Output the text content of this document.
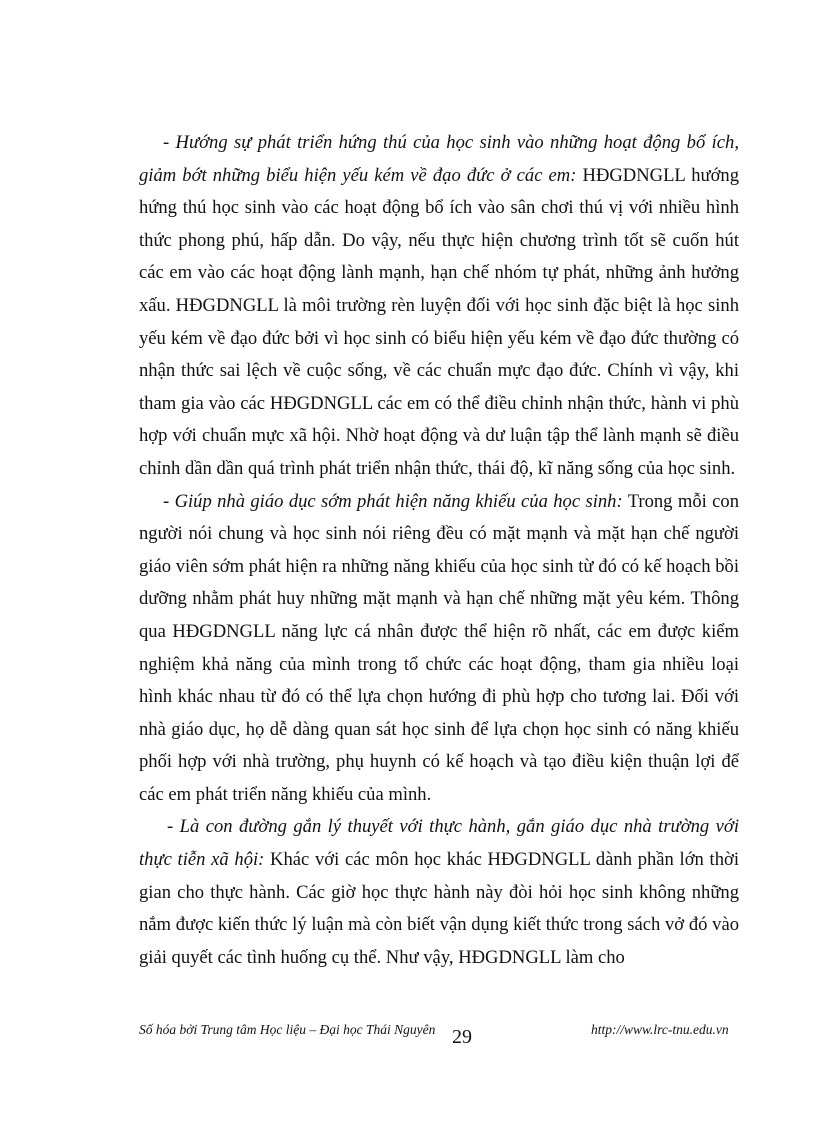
- Hướng sự phát triển hứng thú của học sinh vào những hoạt động bổ ích, giảm bớt những biểu hiện yếu kém về đạo đức ở các em: HĐGDNGLL hướng hứng thú học sinh vào các hoạt động bổ ích vào sân chơi thú vị với nhiều hình thức phong phú, hấp dẫn. Do vậy, nếu thực hiện chương trình tốt sẽ cuốn hút các em vào các hoạt động lành mạnh, hạn chế nhóm tự phát, những ảnh hưởng xấu. HĐGDNGLL là môi trường rèn luyện đối với học sinh đặc biệt là học sinh yếu kém về đạo đức bởi vì học sinh có biểu hiện yếu kém về đạo đức thường có nhận thức sai lệch về cuộc sống, về các chuẩn mực đạo đức. Chính vì vậy, khi tham gia vào các HĐGDNGLL các em có thể điều chỉnh nhận thức, hành vi phù hợp với chuẩn mực xã hội. Nhờ hoạt động và dư luận tập thể lành mạnh sẽ điều chỉnh dần dần quá trình phát triển nhận thức, thái độ, kĩ năng sống của học sinh.

- Giúp nhà giáo dục sớm phát hiện năng khiếu của học sinh: Trong mỗi con người nói chung và học sinh nói riêng đều có mặt mạnh và mặt hạn chế người giáo viên sớm phát hiện ra những năng khiếu của học sinh từ đó có kế hoạch bồi dưỡng nhằm phát huy những mặt mạnh và hạn chế những mặt yêu kém. Thông qua HĐGDNGLL năng lực cá nhân được thể hiện rõ nhất, các em được kiểm nghiệm khả năng của mình trong tổ chức các hoạt động, tham gia nhiều loại hình khác nhau từ đó có thể lựa chọn hướng đi phù hợp cho tương lai. Đối với nhà giáo dục, họ dễ dàng quan sát học sinh để lựa chọn học sinh có năng khiếu phối hợp với nhà trường, phụ huynh có kế hoạch và tạo điều kiện thuận lợi để các em phát triển năng khiếu của mình.

- Là con đường gắn lý thuyết với thực hành, gắn giáo dục nhà trường với thực tiễn xã hội: Khác với các môn học khác HĐGDNGLL dành phần lớn thời gian cho thực hành. Các giờ học thực hành này đòi hỏi học sinh không những nắm được kiến thức lý luận mà còn biết vận dụng kiết thức trong sách vở đó vào giải quyết các tình huống cụ thể. Như vậy, HĐGDNGLL làm cho

Số hóa bởi Trung tâm Học liệu – Đại học Thái Nguyên 29	http://www.lrc-tnu.edu.vn
